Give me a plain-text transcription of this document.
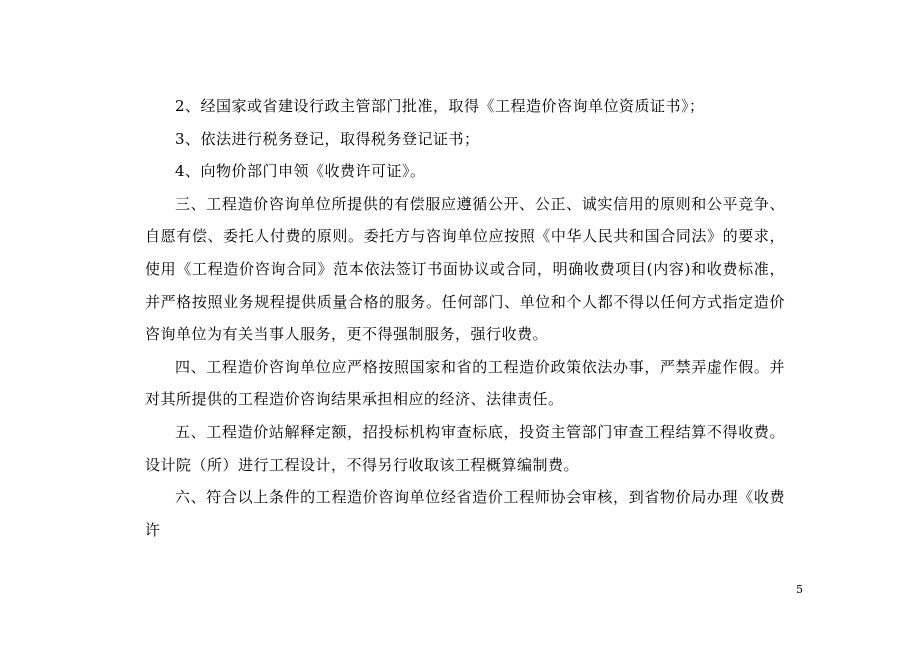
2、经国家或省建设行政主管部门批准，取得《工程造价咨询单位资质证书》；

3、依法进行税务登记，取得税务登记证书；

4、向物价部门申领《收费许可证》。

三、工程造价咨询单位所提供的有偿服应遵循公开、公正、诚实信用的原则和公平竞争、自愿有偿、委托人付费的原则。委托方与咨询单位应按照《中华人民共和国合同法》的要求，使用《工程造价咨询合同》范本依法签订书面协议或合同，明确收费项目(内容)和收费标准，并严格按照业务规程提供质量合格的服务。任何部门、单位和个人都不得以任何方式指定造价咨询单位为有关当事人服务，更不得强制服务，强行收费。

四、工程造价咨询单位应严格按照国家和省的工程造价政策依法办事，严禁弄虚作假。并对其所提供的工程造价咨询结果承担相应的经济、法律责任。

五、工程造价站解释定额，招投标机构审查标底，投资主管部门审查工程结算不得收费。设计院（所）进行工程设计，不得另行收取该工程概算编制费。

六、符合以上条件的工程造价咨询单位经省造价工程师协会审核，到省物价局办理《收费许

5
